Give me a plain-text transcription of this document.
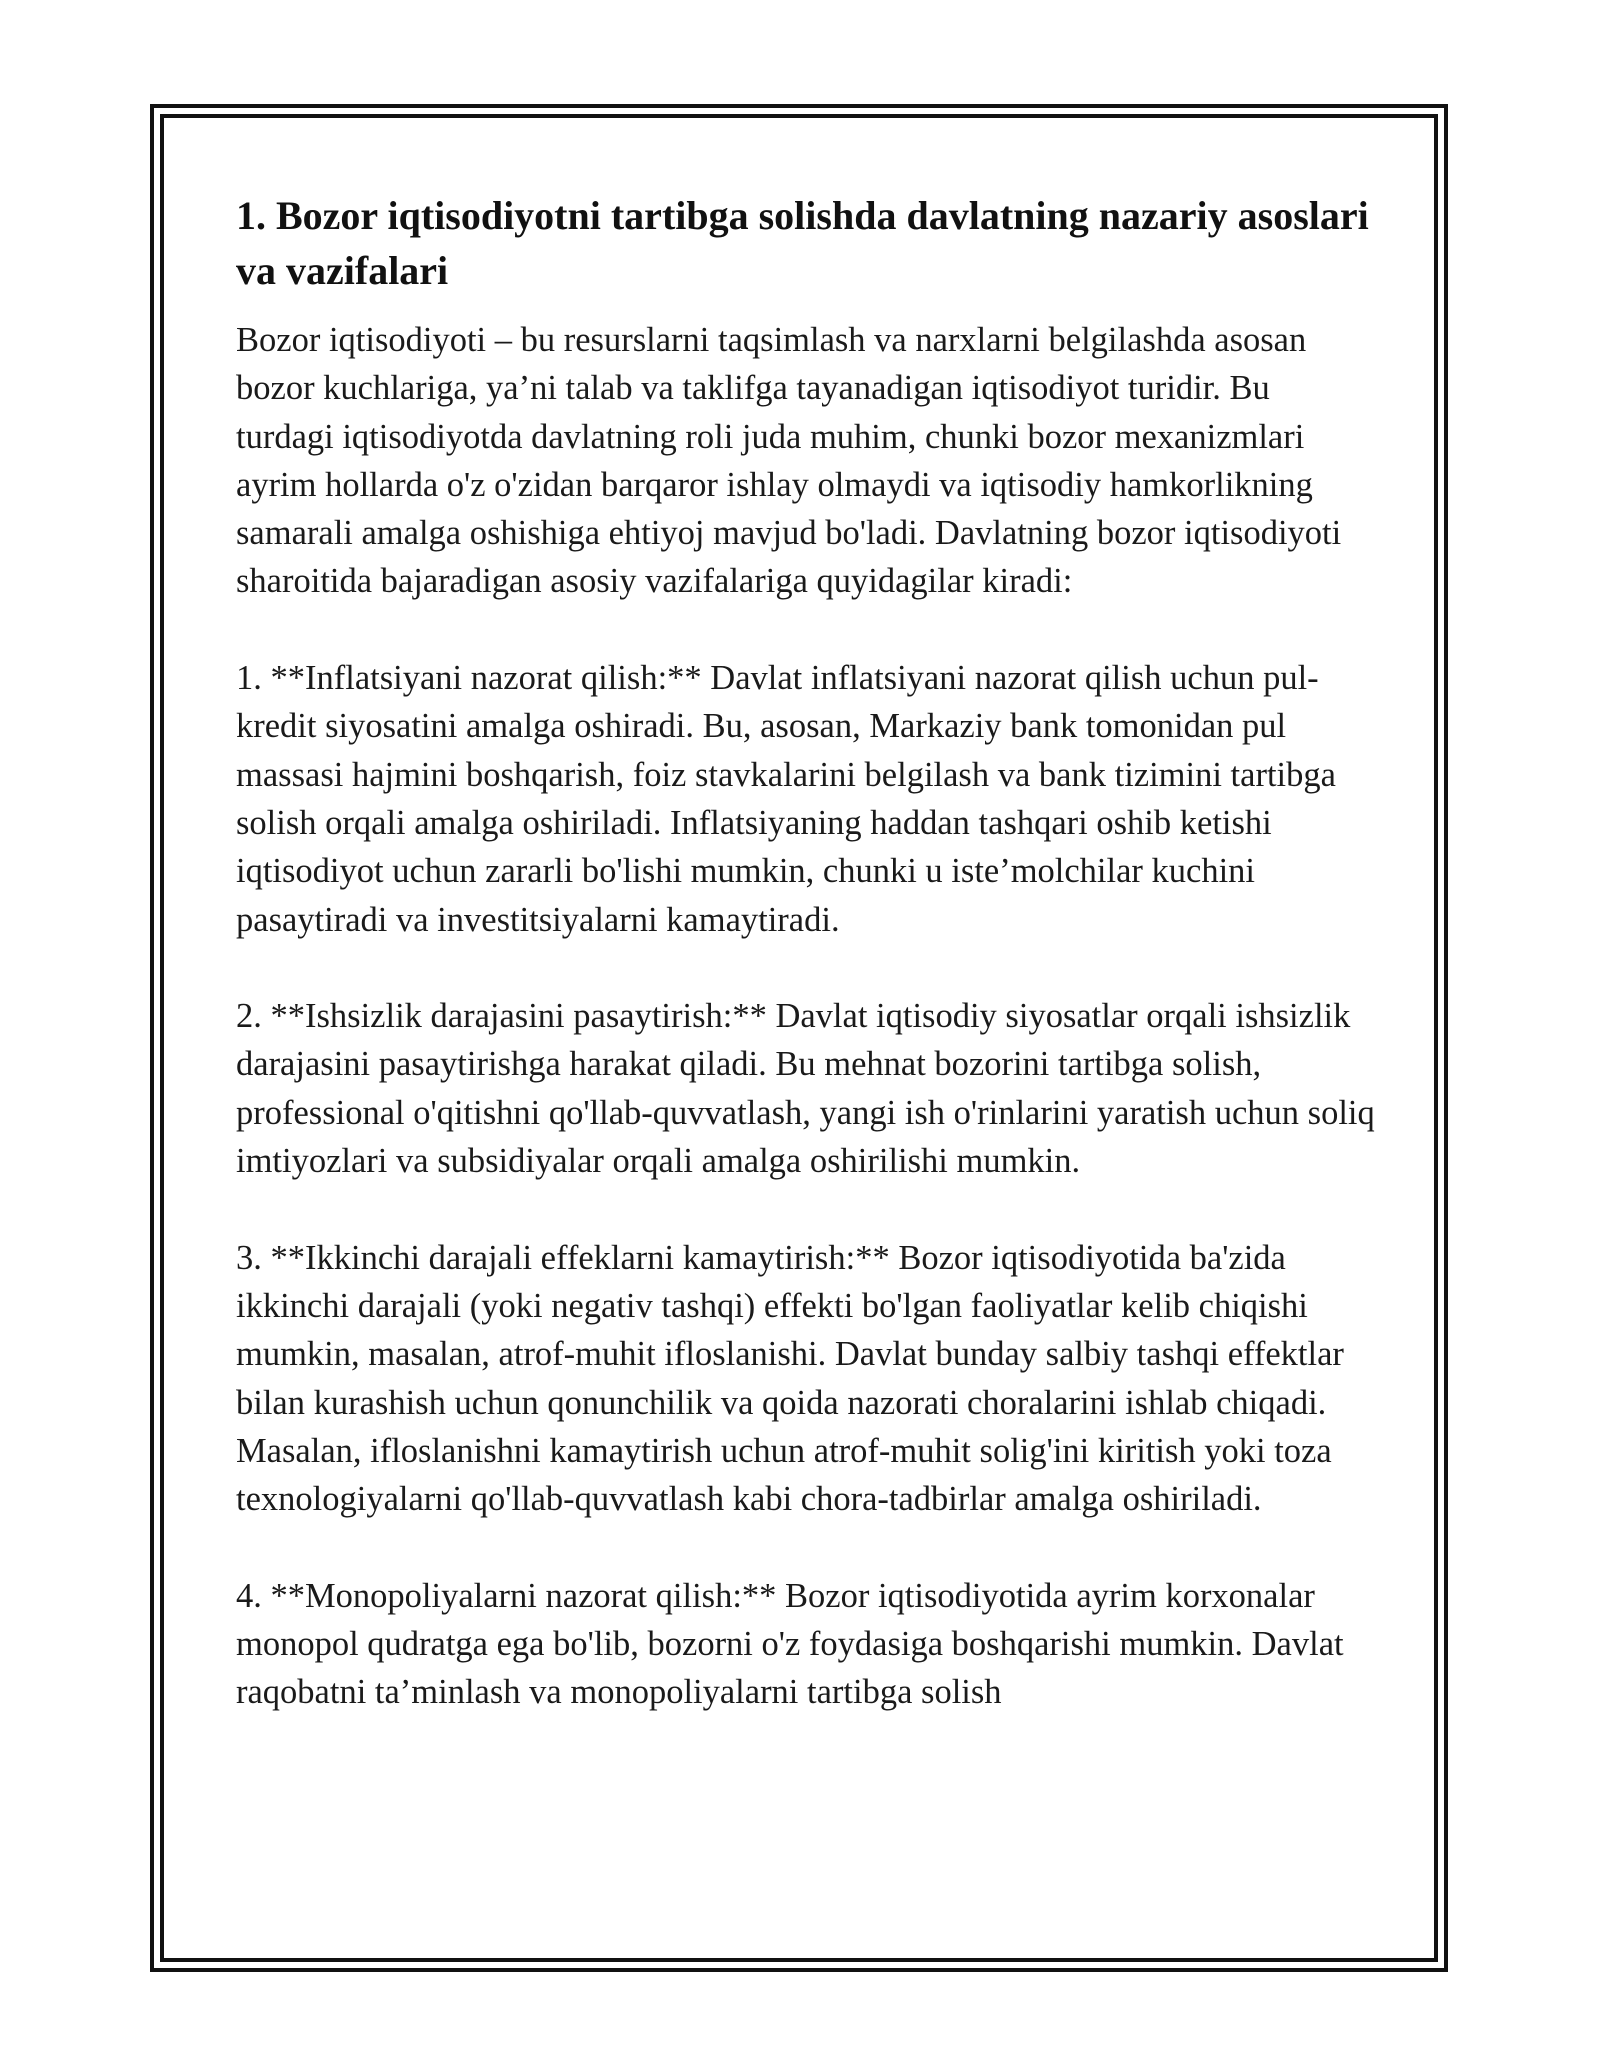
1. Bozor iqtisodiyotni tartibga solishda davlatning nazariy asoslari va vazifalari

Bozor iqtisodiyoti – bu resurslarni taqsimlash va narxlarni belgilashda asosan bozor kuchlariga, ya’ni talab va taklifga tayanadigan iqtisodiyot turidir. Bu turdagi iqtisodiyotda davlatning roli juda muhim, chunki bozor mexanizmlari ayrim hollarda o'z o'zidan barqaror ishlay olmaydi va iqtisodiy hamkorlikning samarali amalga oshishiga ehtiyoj mavjud bo'ladi. Davlatning bozor iqtisodiyoti sharoitida bajaradigan asosiy vazifalariga quyidagilar kiradi:

1. **Inflatsiyani nazorat qilish:** Davlat inflatsiyani nazorat qilish uchun pul-kredit siyosatini amalga oshiradi. Bu, asosan, Markaziy bank tomonidan pul massasi hajmini boshqarish, foiz stavkalarini belgilash va bank tizimini tartibga solish orqali amalga oshiriladi. Inflatsiyaning haddan tashqari oshib ketishi iqtisodiyot uchun zararli bo'lishi mumkin, chunki u iste’molchilar kuchini pasaytiradi va investitsiyalarni kamaytiradi.

2. **Ishsizlik darajasini pasaytirish:** Davlat iqtisodiy siyosatlar orqali ishsizlik darajasini pasaytirishga harakat qiladi. Bu mehnat bozorini tartibga solish, professional o'qitishni qo'llab-quvvatlash, yangi ish o'rinlarini yaratish uchun soliq imtiyozlari va subsidiyalar orqali amalga oshirilishi mumkin.

3. **Ikkinchi darajali effeklarni kamaytirish:** Bozor iqtisodiyotida ba'zida ikkinchi darajali (yoki negativ tashqi) effekti bo'lgan faoliyatlar kelib chiqishi mumkin, masalan, atrof-muhit ifloslanishi. Davlat bunday salbiy tashqi effektlar bilan kurashish uchun qonunchilik va qoida nazorati choralarini ishlab chiqadi. Masalan, ifloslanishni kamaytirish uchun atrof-muhit solig'ini kiritish yoki toza texnologiyalarni qo'llab-quvvatlash kabi chora-tadbirlar amalga oshiriladi.

4. **Monopoliyalarni nazorat qilish:** Bozor iqtisodiyotida ayrim korxonalar monopol qudratga ega bo'lib, bozorni o'z foydasiga boshqarishi mumkin. Davlat raqobatni ta’minlash va monopoliyalarni tartibga solish
